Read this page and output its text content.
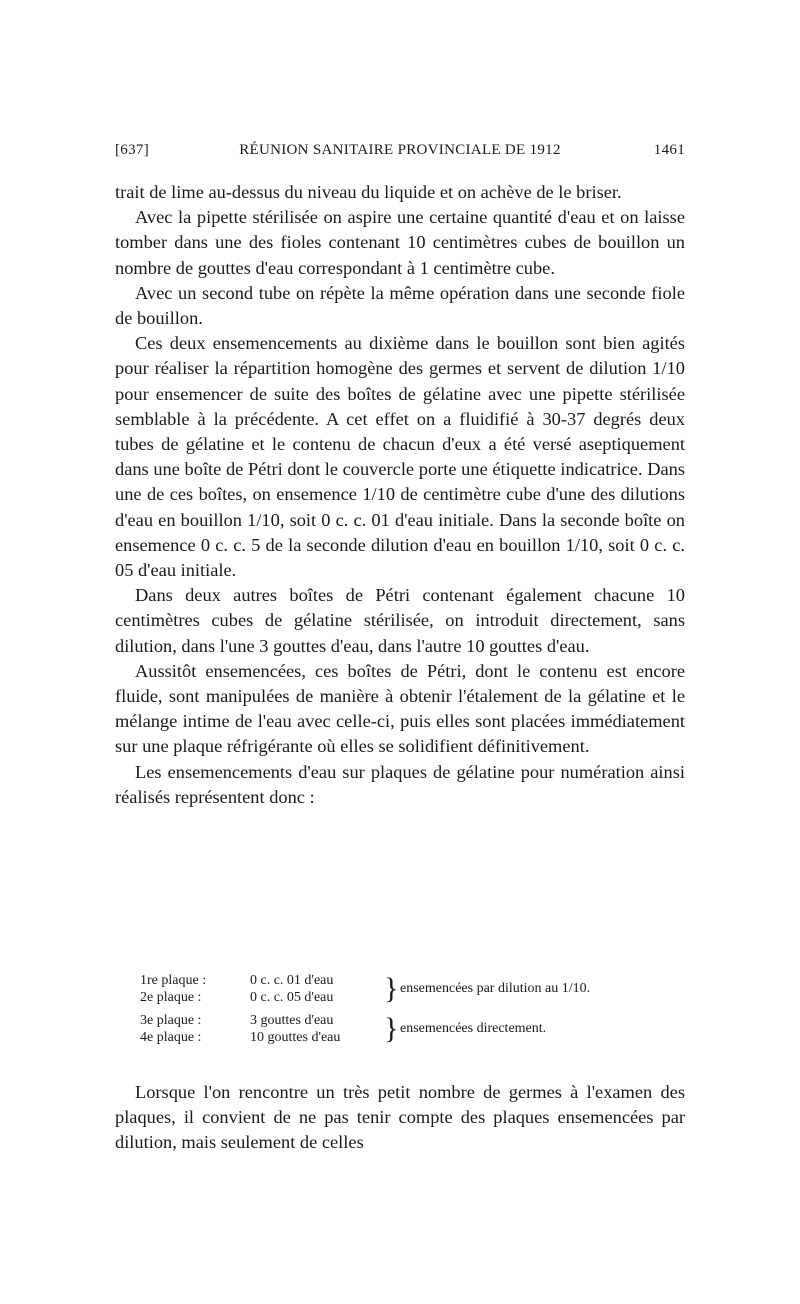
[637]	RÉUNION SANITAIRE PROVINCIALE DE 1912	1461

trait de lime au-dessus du niveau du liquide et on achève de le briser.

Avec la pipette stérilisée on aspire une certaine quantité d'eau et on laisse tomber dans une des fioles contenant 10 centimètres cubes de bouillon un nombre de gouttes d'eau correspondant à 1 centimètre cube.

Avec un second tube on répète la même opération dans une seconde fiole de bouillon.

Ces deux ensemencements au dixième dans le bouillon sont bien agités pour réaliser la répartition homogène des germes et servent de dilution 1/10 pour ensemencer de suite des boîtes de gélatine avec une pipette stérilisée semblable à la précédente. A cet effet on a fluidifié à 30-37 degrés deux tubes de gélatine et le contenu de chacun d'eux a été versé aseptiquement dans une boîte de Pétri dont le couvercle porte une étiquette indicatrice. Dans une de ces boîtes, on ensemence 1/10 de centimètre cube d'une des dilutions d'eau en bouillon 1/10, soit 0 c. c. 01 d'eau initiale. Dans la seconde boîte on ensemence 0 c. c. 5 de la seconde dilution d'eau en bouillon 1/10, soit 0 c. c. 05 d'eau initiale.

Dans deux autres boîtes de Pétri contenant également chacune 10 centimètres cubes de gélatine stérilisée, on introduit directement, sans dilution, dans l'une 3 gouttes d'eau, dans l'autre 10 gouttes d'eau.

Aussitôt ensemencées, ces boîtes de Pétri, dont le contenu est encore fluide, sont manipulées de manière à obtenir l'étalement de la gélatine et le mélange intime de l'eau avec celle-ci, puis elles sont placées immédiatement sur une plaque réfrigérante où elles se solidifient définitivement.

Les ensemencements d'eau sur plaques de gélatine pour numération ainsi réalisés représentent donc :

1re plaque :	0 c. c. 01 d'eau
2e plaque :	0 c. c. 05 d'eau	} ensemencées par dilution au 1/10.
3e plaque :	3 gouttes d'eau
4e plaque :	10 gouttes d'eau	} ensemencées directement.

Lorsque l'on rencontre un très petit nombre de germes à l'examen des plaques, il convient de ne pas tenir compte des plaques ensemencées par dilution, mais seulement de celles
